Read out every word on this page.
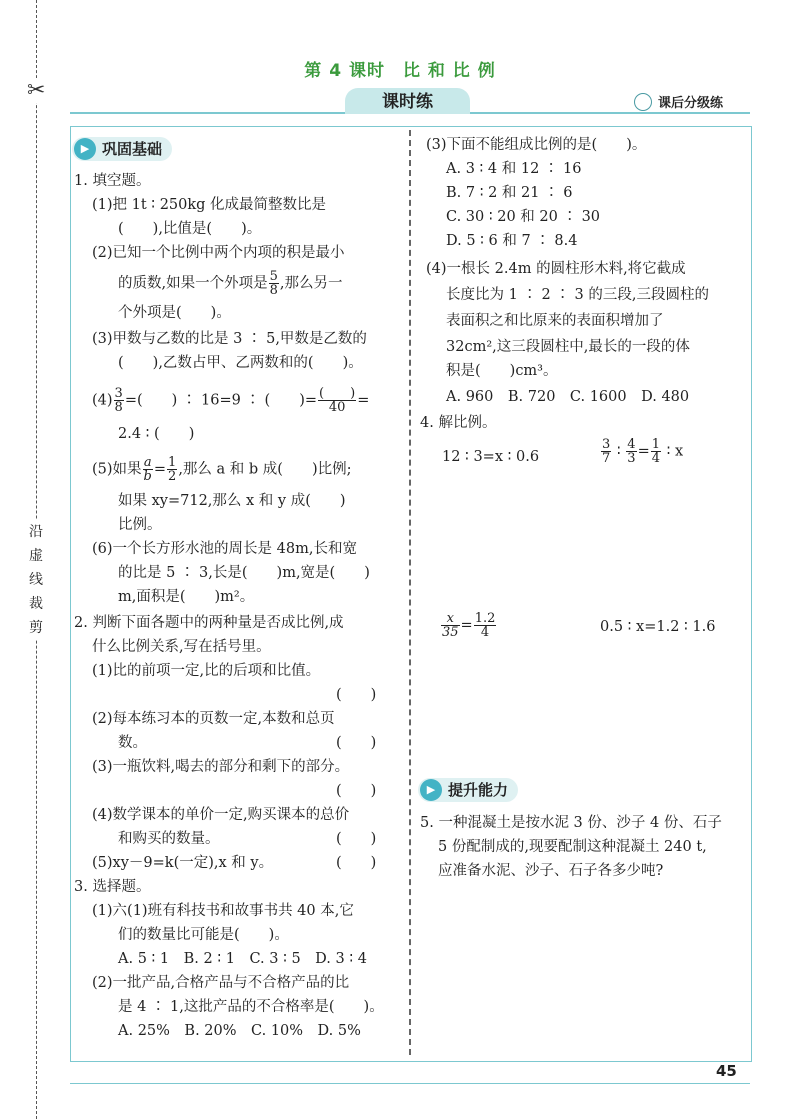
✂
沿虚线裁剪
第 4 课时　比 和 比 例
课时练	课后分级练
▶ 巩固基础
1. 填空题。
(1)把 1t ∶ 250kg 化成最简整数比是
(　　),比值是(　　)。
(2)已知一个比例中两个内项的积是最小
的质数,如果一个外项是 $\frac{5}{8}$ ,那么另一
个外项是(　　)。
(3)甲数与乙数的比是 3 ∶ 5,甲数是乙数的
(　　),乙数占甲、乙两数和的(　　)。
$(4) \frac{3}{8}$ =(　　) ∶ 16=9 ∶ (　　)= $\frac{( )}{40}$ =
2.4 ∶ (　　)
(5)如果 $\frac{a}{b} = \frac{1}{2}$ ,那么 a 和 b 成(　　)比例;
如果 xy=712,那么 x 和 y 成(　　)
比例。
(6)一个长方形水池的周长是 48m,长和宽
的比是 5 ∶ 3,长是(　　)m,宽是(　　)
m,面积是(　　)m²。
2. 判断下面各题中的两种量是否成比例,成
什么比例关系,写在括号里。
(1)比的前项一定,比的后项和比值。
(　　)
(2)每本练习本的页数一定,本数和总页
数。	(　　)
(3)一瓶饮料,喝去的部分和剩下的部分。
(　　)
(4)数学课本的单价一定,购买课本的总价
和购买的数量。	(　　)
(5)xy－9=k(一定),x 和 y。	(　　)
3. 选择题。
(1)六(1)班有科技书和故事书共 40 本,它
们的数量比可能是(　　)。
A. 5 ∶ 1　B. 2 ∶ 1　C. 3 ∶ 5　D. 3 ∶ 4
(2)一批产品,合格产品与不合格产品的比
是 4 ∶ 1,这批产品的不合格率是(　　)。
A. 25%　B. 20%　C. 10%　D. 5%
(3)下面不能组成比例的是(　　)。
A. 3 ∶ 4 和 12 ∶ 16
B. 7 ∶ 2 和 21 ∶ 6
C. 30 ∶ 20 和 20 ∶ 30
D. 5 ∶ 6 和 7 ∶ 8.4
(4)一根长 2.4m 的圆柱形木料,将它截成
长度比为 1 ∶ 2 ∶ 3 的三段,三段圆柱的
表面积之和比原来的表面积增加了
32cm²,这三段圆柱中,最长的一段的体
积是(　　)cm³。
A. 960　B. 720　C. 1600　D. 480
4. 解比例。
12 ∶ 3=x ∶ 0.6	$\frac{3}{7}$ ∶ $\frac{4}{3} = \frac{1}{4}$ ∶ x
$\frac{x}{35} = \frac{1.2}{4}$	0.5 ∶ x=1.2 ∶ 1.6
▶ 提升能力
5. 一种混凝土是按水泥 3 份、沙子 4 份、石子
5 份配制成的,现要配制这种混凝土 240 t,
应准备水泥、沙子、石子各多少吨?
45
